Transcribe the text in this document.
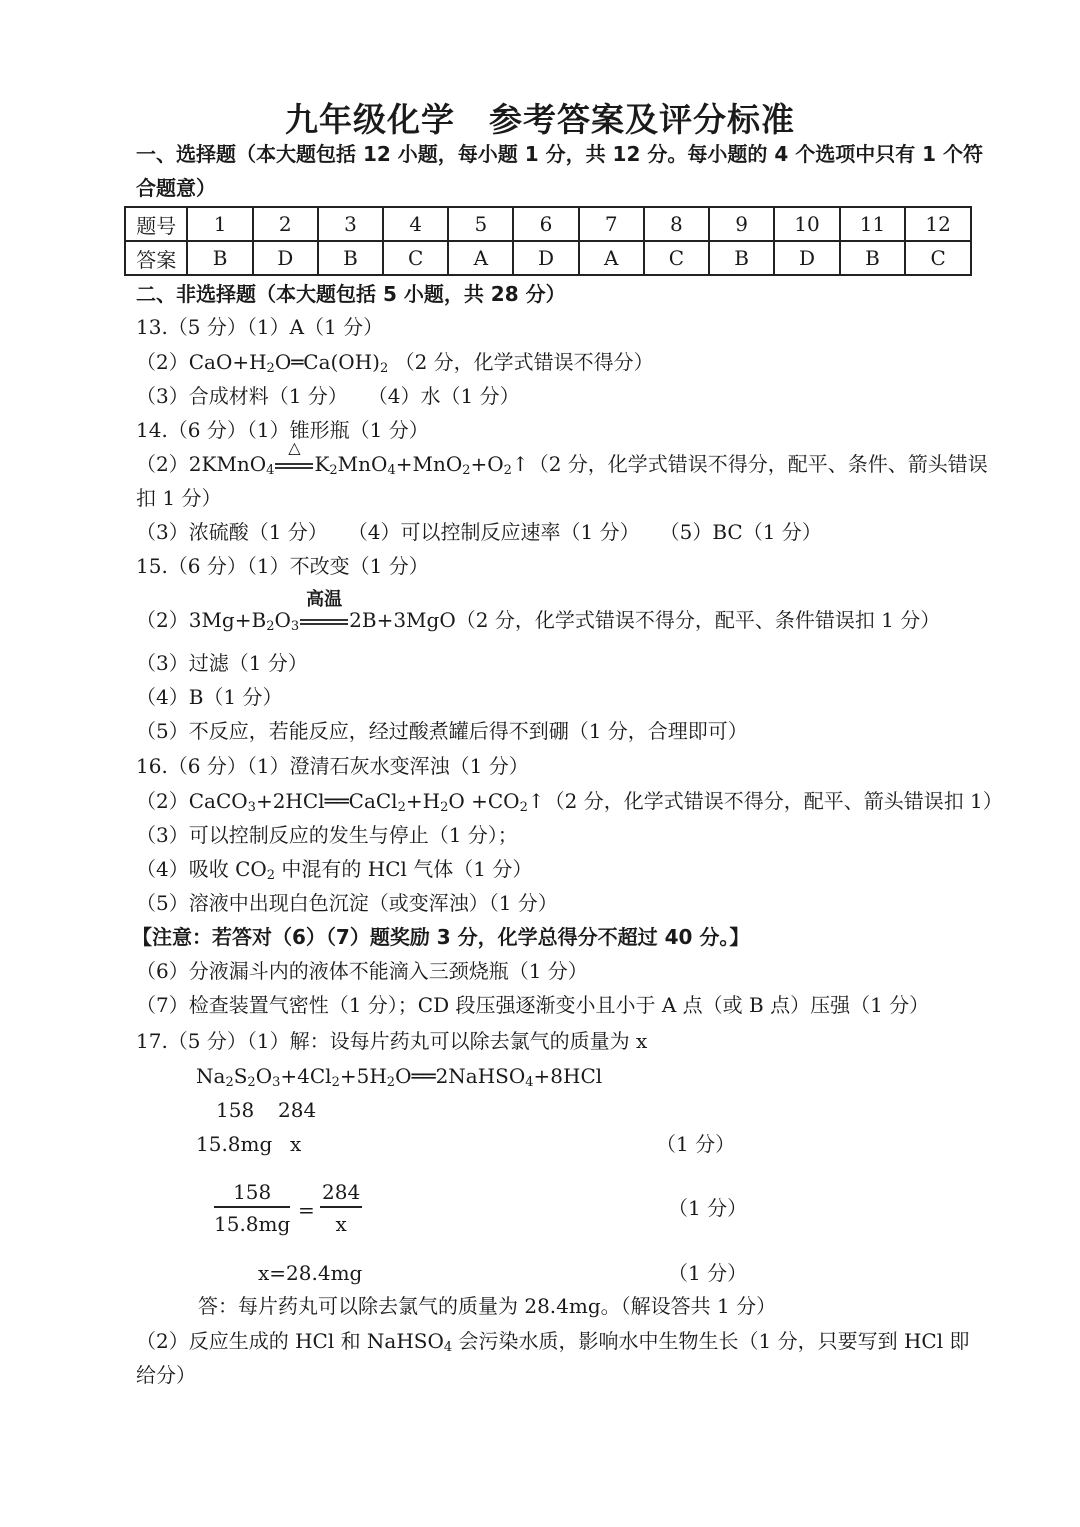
九年级化学　参考答案及评分标准
一、选择题（本大题包括 12 小题，每小题 1 分，共 12 分。每小题的 4 个选项中只有 1 个符
合题意）
题号	1	2	3	4	5	6	7	8	9	10	11	12
答案	B	D	B	C	A	D	A	C	B	D	B	C
二、非选择题（本大题包括 5 小题，共 28 分）
13.（5 分）（1）A（1 分）
$(2)CaO+H_2O═Ca(OH)_2$ （2 分，化学式错误不得分）
（3）合成材料（1 分）　　（4）水（1 分）
14.（6 分）（1）锥形瓶（1 分）
（2）2KMnO$_4$
△
$K_2MnO_4+MnO_2+O_2↑(2$ 分，化学式错误不得分，配平、条件、箭头错误
扣 1 分）
（3）浓硫酸（1 分）　　（4）可以控制反应速率（1 分）　　（5）BC（1 分）
15.（6 分）（1）不改变（1 分）
$(2)3Mg+B_2O_3$
高温
2B+3MgO（2 分，化学式错误不得分，配平、条件错误扣 1 分）
（3）过滤（1 分）
（4）B（1 分）
（5）不反应，若能反应，经过酸煮罐后得不到硼（1 分，合理即可）
16.（6 分）（1）澄清石灰水变浑浊（1 分）
$(2)CaCO_3+2HCl══CaCl_2+H_2O$ $+CO_2↑(2$ 分，化学式错误不得分，配平、箭头错误扣 1）
（3）可以控制反应的发生与停止（1 分）；
（4）吸收 $CO_2$ 中混有的 HCl 气体（1 分）
（5）溶液中出现白色沉淀（或变浑浊）（1 分）
【注意：若答对（6）（7）题奖励 3 分，化学总得分不超过 40 分。】
（6）分液漏斗内的液体不能滴入三颈烧瓶（1 分）
（7）检查装置气密性（1 分）；CD 段压强逐渐变小且小于 A 点（或 B 点）压强（1 分）
17.（5 分）（1）解：设每片药丸可以除去氯气的质量为 x
$Na_2S_2O_3+4Cl_2+5H_2O══2NaHSO_4+8HCl$
158 284
15.8mg x	（1 分）
$\frac{158}{15.8mg} = \frac{284}{x}$	（1 分）
x=28.4mg	（1 分）
答：每片药丸可以除去氯气的质量为 28.4mg。（解设答共 1 分）
（2）反应生成的 HCl 和 NaHSO$_4$ 会污染水质，影响水中生物生长（1 分，只要写到 HCl 即
给分）
